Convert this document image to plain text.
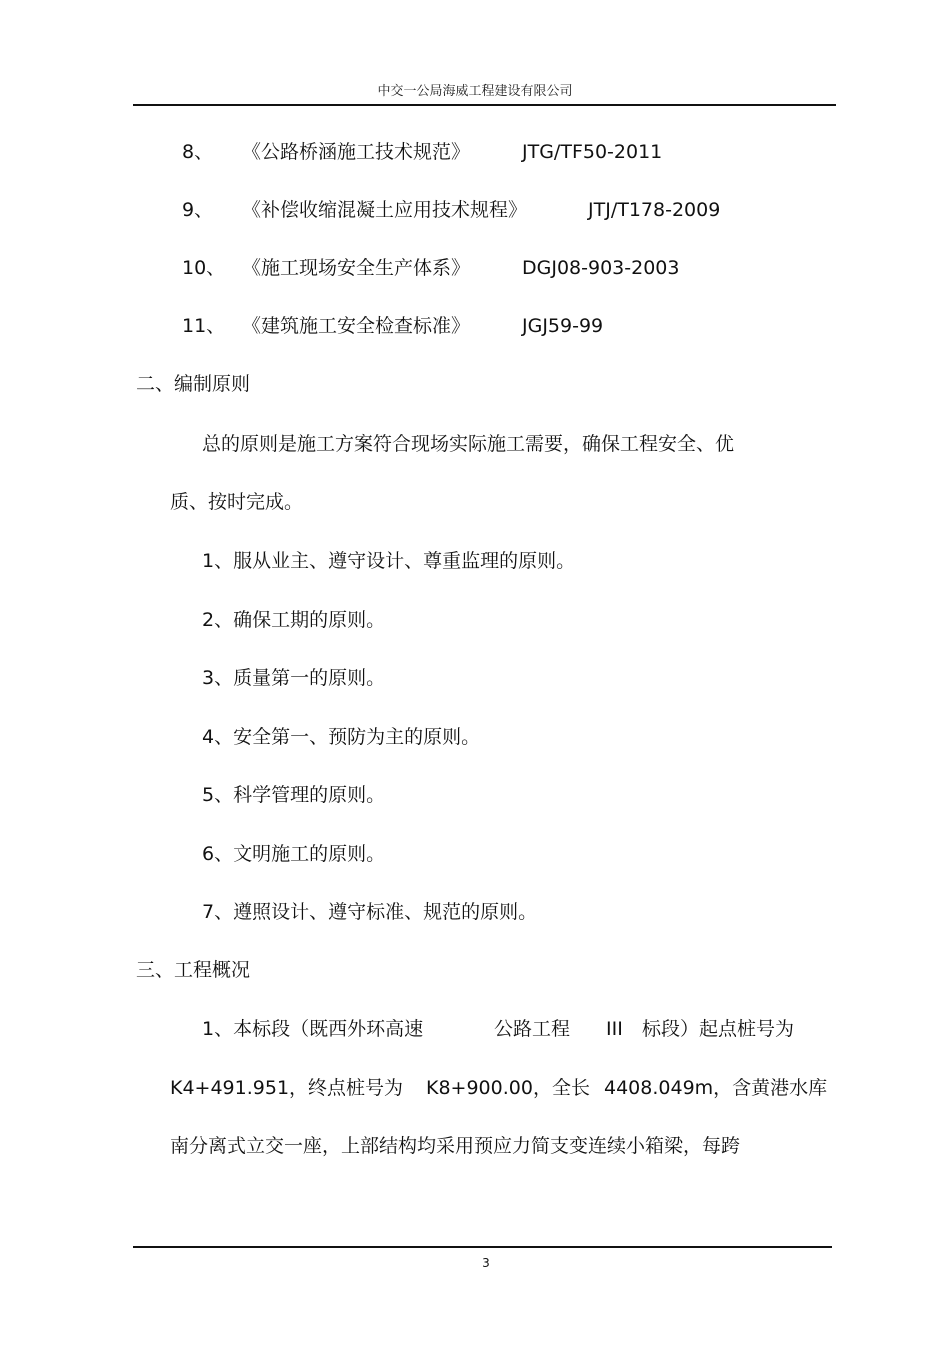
中交一公局海威工程建设有限公司
8、 《公路桥涵施工技术规范》	JTG/TF50-2011
9、 《补偿收缩混凝土应用技术规程》	JTJ/T178-2009
10、 《施工现场安全生产体系》	DGJ08-903-2003
11、 《建筑施工安全检查标准》	JGJ59-99
二、编制原则
总的原则是施工方案符合现场实际施工需要，确保工程安全、优
质、按时完成。
1、服从业主、遵守设计、尊重监理的原则。
2、确保工期的原则。
3、质量第一的原则。
4、安全第一、预防为主的原则。
5、科学管理的原则。
6、文明施工的原则。
7、遵照设计、遵守标准、规范的原则。
三、工程概况
1、本标段（既西外环高速	公路工程 III 标段）起点桩号为
K4+491.951，终点桩号为 K8+900.00，全长 4408.049m，含黄港水库
南分离式立交一座，上部结构均采用预应力简支变连续小箱梁，每跨
3
